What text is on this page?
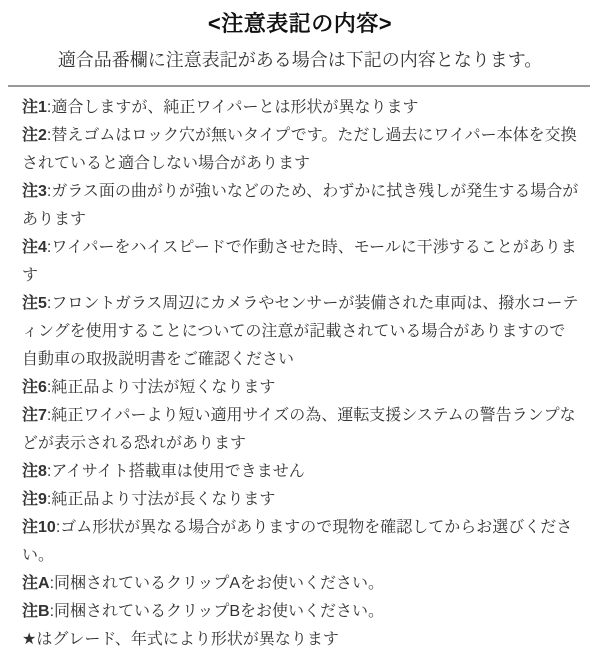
<注意表記の内容>

適合品番欄に注意表記がある場合は下記の内容となります。

注1:適合しますが、純正ワイパーとは形状が異なります

注2:替えゴムはロック穴が無いタイプです。ただし過去にワイパー本体を交換されていると適合しない場合があります

注3:ガラス面の曲がりが強いなどのため、わずかに拭き残しが発生する場合があります

注4:ワイパーをハイスピードで作動させた時、モールに干渉することがあります

注5:フロントガラス周辺にカメラやセンサーが装備された車両は、撥水コーティングを使用することについての注意が記載されている場合がありますので自動車の取扱説明書をご確認ください

注6:純正品より寸法が短くなります

注7:純正ワイパーより短い適用サイズの為、運転支援システムの警告ランプなどが表示される恐れがあります

注8:アイサイト搭載車は使用できません

注9:純正品より寸法が長くなります

注10:ゴム形状が異なる場合がありますので現物を確認してからお選びください。

注A:同梱されているクリップAをお使いください。

注B:同梱されているクリップBをお使いください。

★はグレード、年式により形状が異なります
